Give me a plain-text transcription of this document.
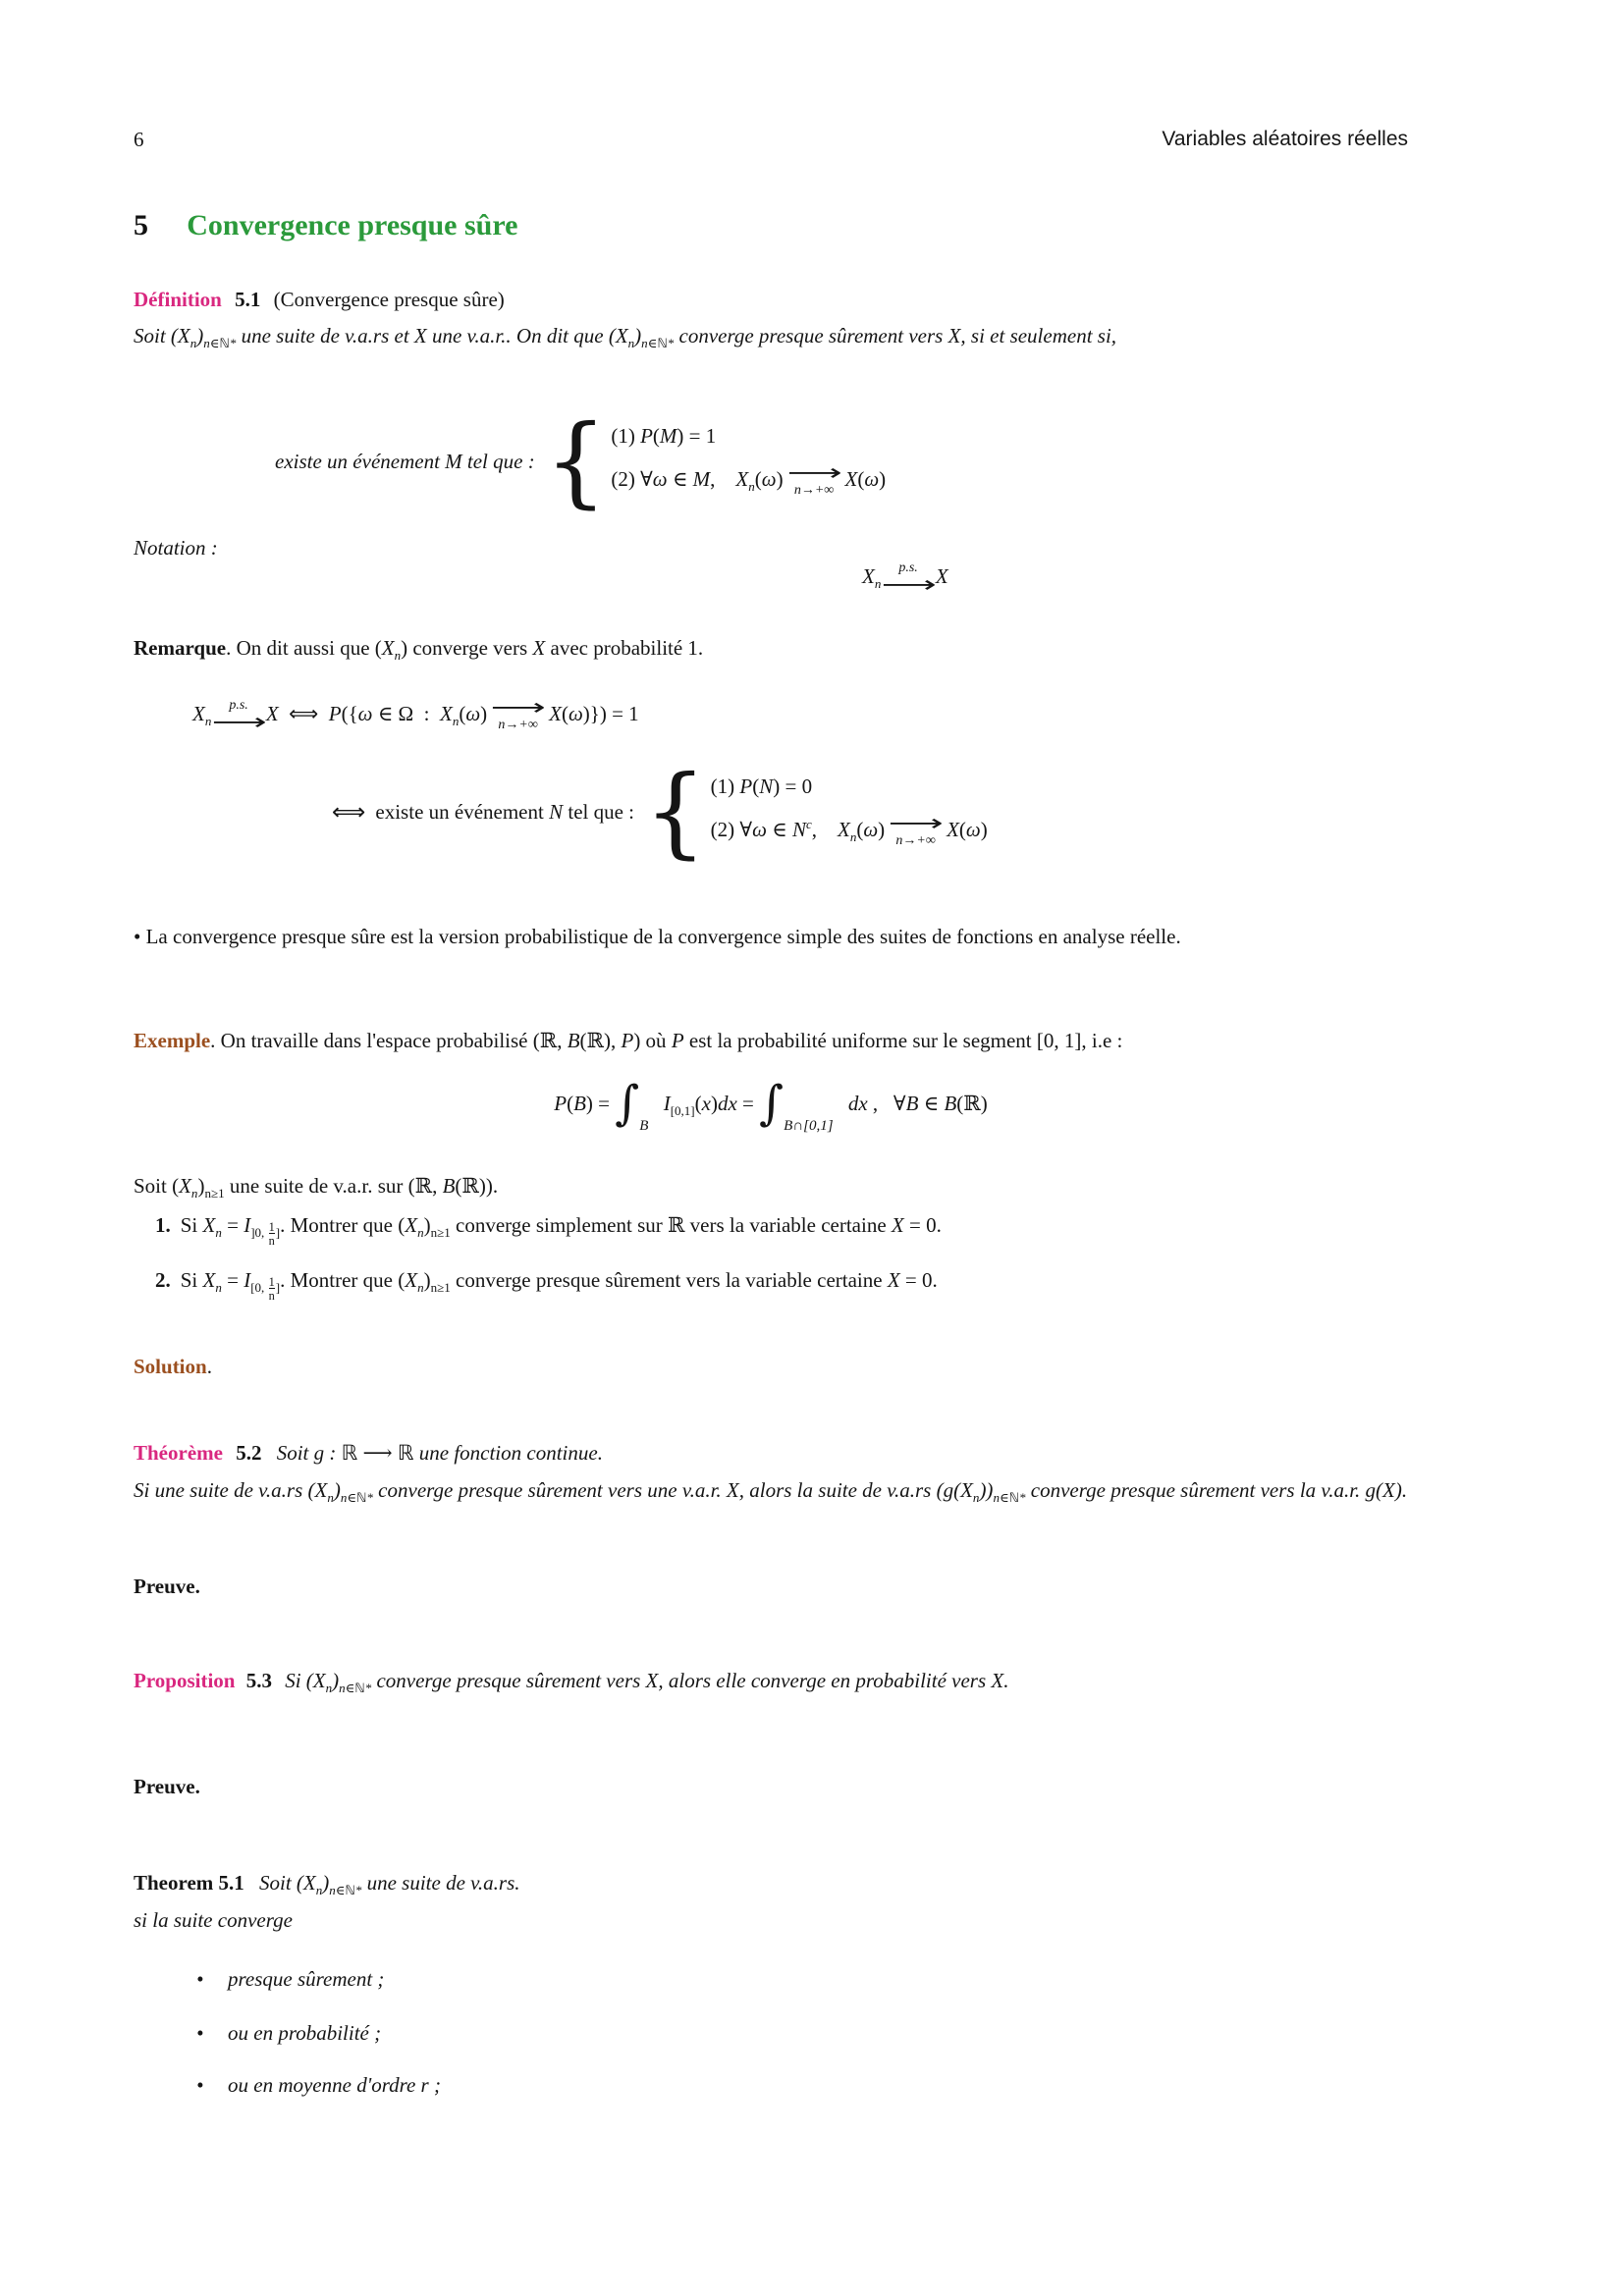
6	Variables aléatoires réelles
5 Convergence presque sûre
Définition 5.1 (Convergence presque sûre)
Soit $(X_n)_{n\in ℕ*}$ une suite de v.a.rs et X une v.a.r.. On dit que $(X_n)_{n\in ℕ*}$ converge presque sûrement vers X, si et seulement si,
existe un événement M tel que :
{
(1) P(M) = 1
(2) ∀ω ∈ M,    $X_n(\omega)$
⟶
n→+∞ X(ω)
Notation :
$X_n$
p.s.
⟶ X
Remarque. On dit aussi que $(X_n)$ converge vers X avec probabilité 1.
$X_n$
p.s.
⟶ X ⟺ P({ω ∈ Ω  :  $X_n(\omega)$
⟶
n→+∞ X(ω)}) = 1
⟺ existe un événement N tel que :
{
(1) P(N) = 0
(2) ∀ω ∈ $N^c$,    $X_n(\omega)$
⟶
n→+∞ X(ω)
• La convergence presque sûre est la version probabilistique de la convergence simple des suites de fonctions en analyse réelle.
Exemple. On travaille dans l'espace probabilisé (ℝ, B(ℝ), P) où P est la probabilité uniforme sur le segment [0, 1], i.e :
$P(B) = \int_B$ $I_{[0,1]}(x)dx = \int_{B\cap[0,1]}$ dx ,   ∀B ∈ B(ℝ)
Soit $(X_n)_{n\ge 1}$ une suite de v.a.r. sur (ℝ, B(ℝ)).
1. Si $X_n = I_{]0, \frac{1}{n} ]}$. Montrer que $(X_n)_{n\ge 1}$ converge simplement sur ℝ vers la variable certaine X = 0.
2. Si $X_n = I_{[0, \frac{1}{n} ]}$. Montrer que $(X_n)_{n\ge 1}$ converge presque sûrement vers la variable certaine X = 0.
Solution.
Théorème 5.2 Soit g : ℝ ⟶ ℝ une fonction continue.
Si une suite de v.a.rs $(X_n)_{n\in ℕ*}$ converge presque sûrement vers une v.a.r. X, alors la suite de v.a.rs $(g(X_n))_{n\in ℕ*}$ converge presque sûrement vers la v.a.r. g(X).
Preuve.
Proposition 5.3 Si $(X_n)_{n\in ℕ*}$ converge presque sûrement vers X, alors elle converge en probabilité vers X.
Preuve.
Theorem 5.1 Soit $(X_n)_{n\in ℕ*}$ une suite de v.a.rs.
si la suite converge
• presque sûrement ;
• ou en probabilité ;
• ou en moyenne d'ordre r ;
